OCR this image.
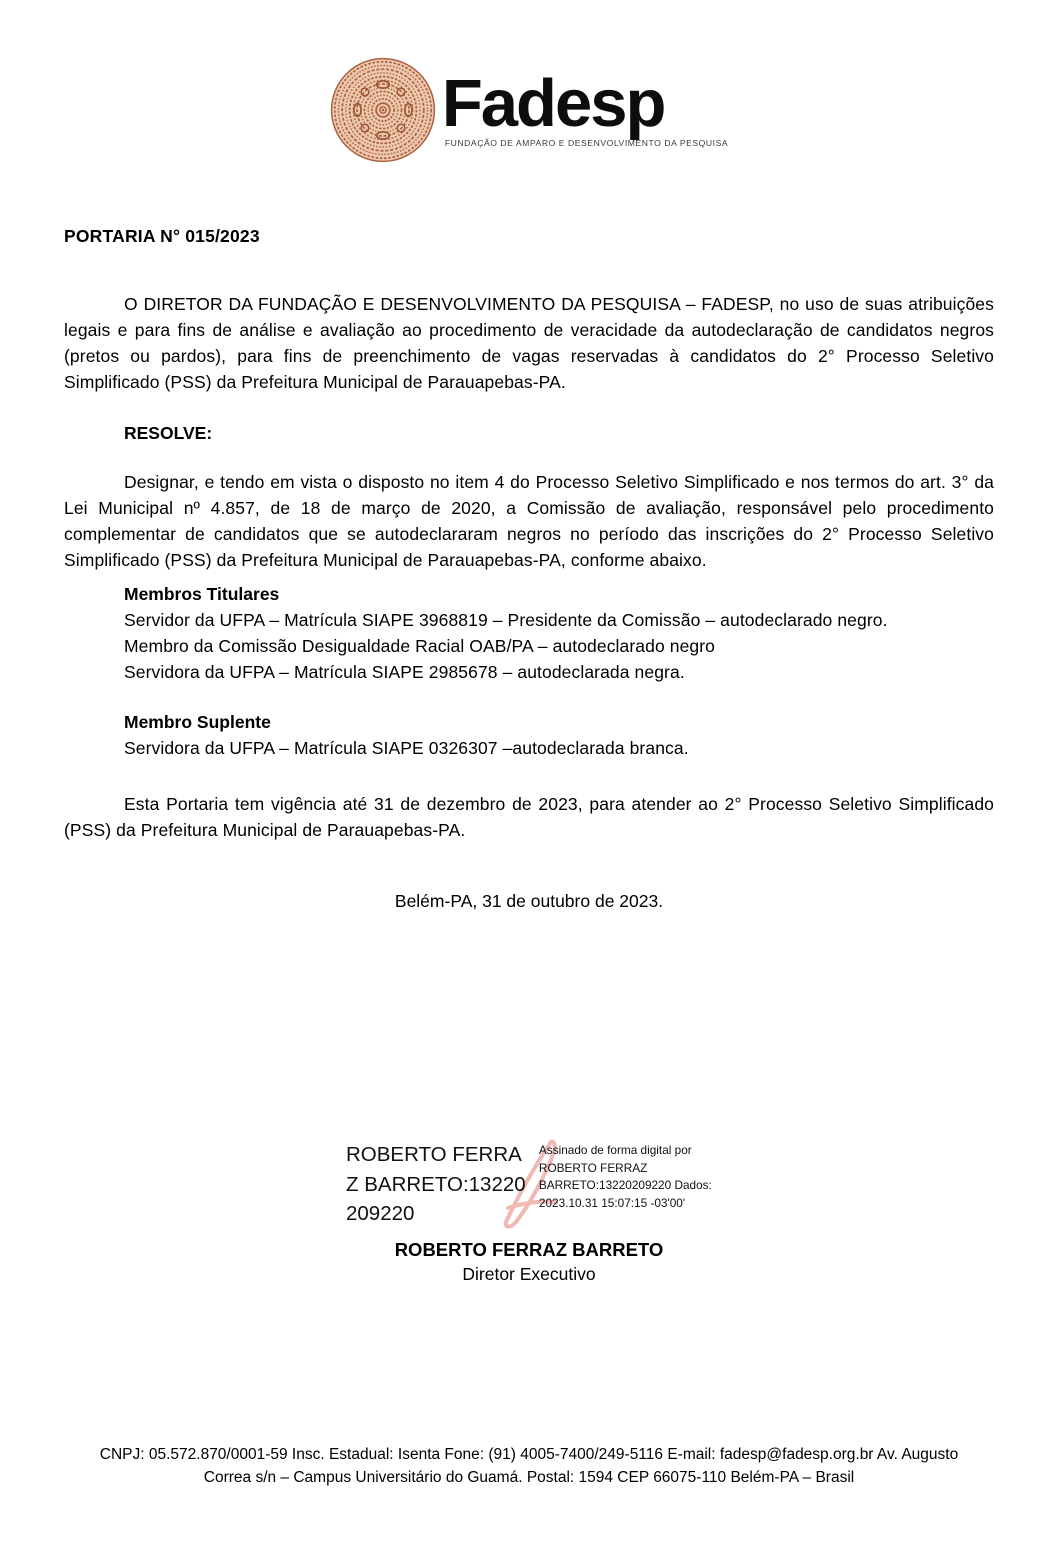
Fadesp
FUNDAÇÃO DE AMPARO E DESENVOLVIMENTO DA PESQUISA
PORTARIA N° 015/2023

O DIRETOR DA FUNDAÇÃO E DESENVOLVIMENTO DA PESQUISA – FADESP, no uso de suas atribuições legais e para fins de análise e avaliação ao procedimento de veracidade da autodeclaração de candidatos negros (pretos ou pardos), para fins de preenchimento de vagas reservadas à candidatos do 2° Processo Seletivo Simplificado (PSS) da Prefeitura Municipal de Parauapebas-PA.

RESOLVE:

Designar, e tendo em vista o disposto no item 4 do Processo Seletivo Simplificado e nos termos do art. 3° da Lei Municipal nº 4.857, de 18 de março de 2020, a Comissão de avaliação, responsável pelo procedimento complementar de candidatos que se autodeclararam negros no período das inscrições do 2° Processo Seletivo Simplificado (PSS) da Prefeitura Municipal de Parauapebas-PA, conforme abaixo.

Membros Titulares

Servidor da UFPA – Matrícula SIAPE 3968819 – Presidente da Comissão – autodeclarado negro.

Membro da Comissão Desigualdade Racial OAB/PA – autodeclarado negro

Servidora da UFPA – Matrícula SIAPE 2985678 – autodeclarada negra.

Membro Suplente

Servidora da UFPA – Matrícula SIAPE 0326307 –autodeclarada branca.

Esta Portaria tem vigência até 31 de dezembro de 2023, para atender ao 2° Processo Seletivo Simplificado (PSS) da Prefeitura Municipal de Parauapebas-PA.

Belém-PA, 31 de outubro de 2023.
ROBERTO FERRAZ BARRETO:13220209220
Assinado de forma digital por ROBERTO FERRAZ BARRETO:13220209220 Dados: 2023.10.31 15:07:15 -03'00'
ROBERTO FERRAZ BARRETO
Diretor Executivo
CNPJ: 05.572.870/0001-59 Insc. Estadual: Isenta Fone: (91) 4005-7400/249-5116 E-mail: fadesp@fadesp.org.br Av. Augusto
Correa s/n – Campus Universitário do Guamá. Postal: 1594 CEP 66075-110 Belém-PA – Brasil
